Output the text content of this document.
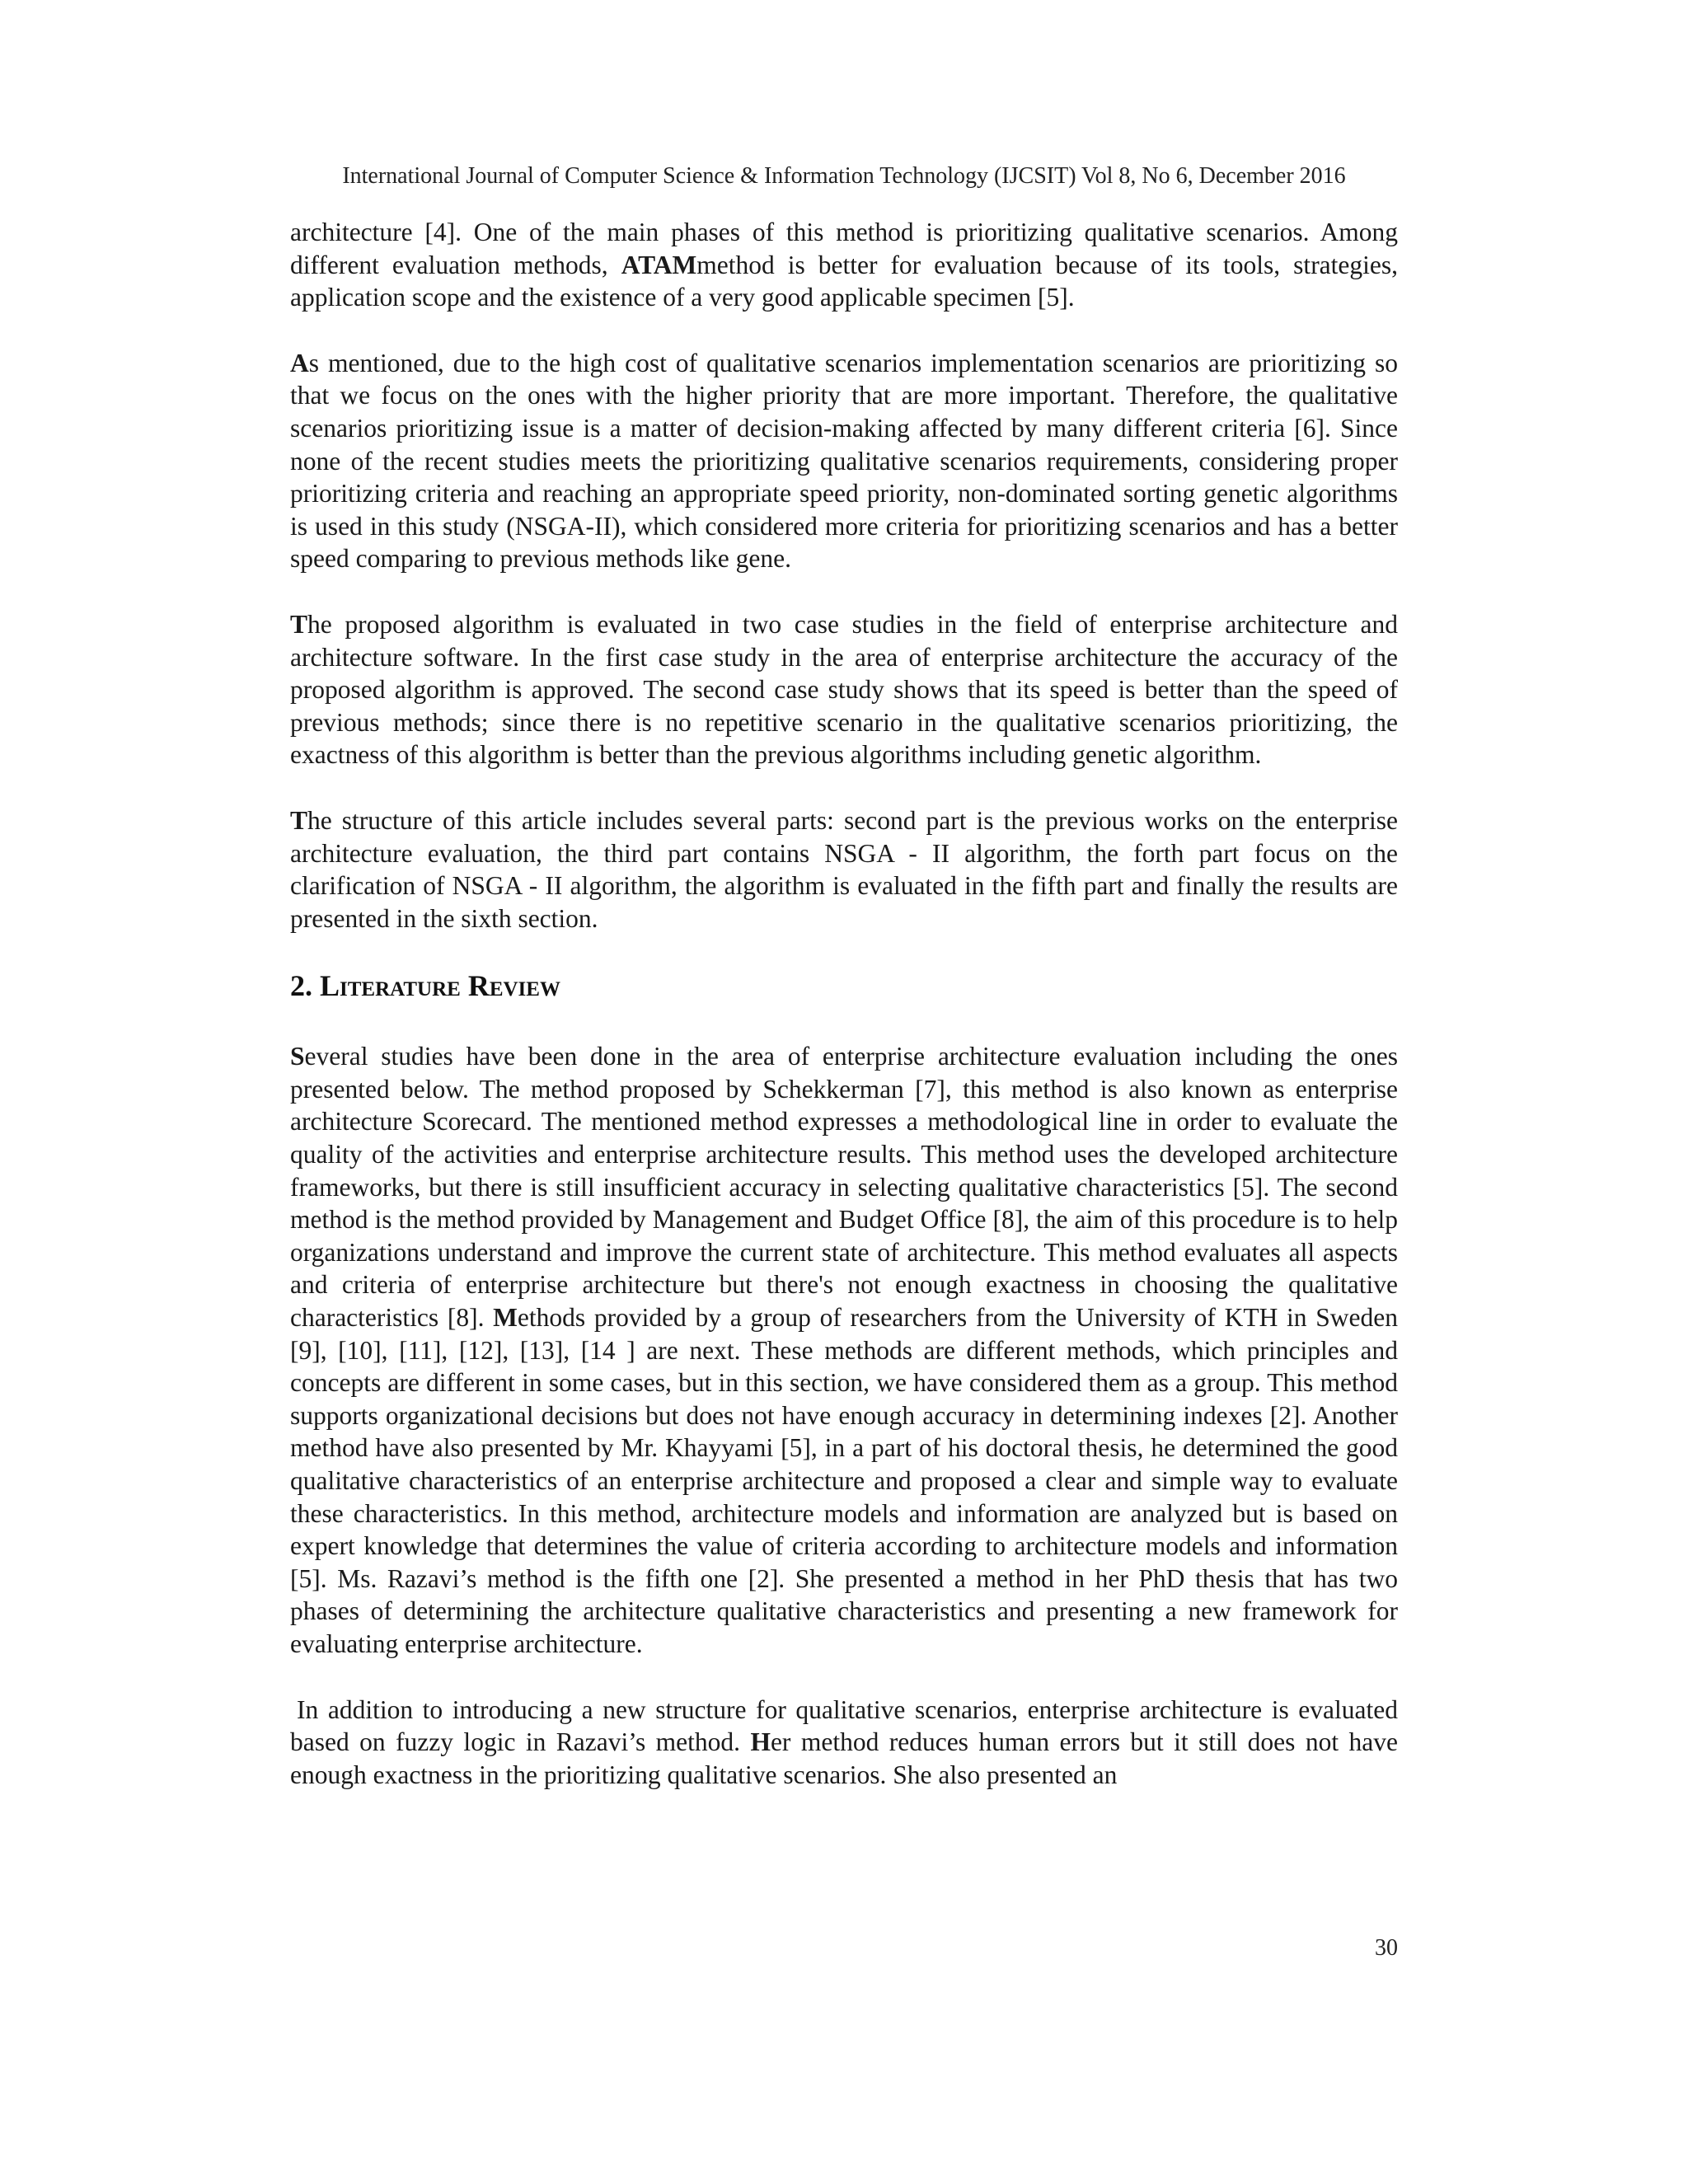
International Journal of Computer Science & Information Technology (IJCSIT) Vol 8, No 6, December 2016

architecture [4]. One of the main phases of this method is prioritizing qualitative scenarios. Among different evaluation methods, ATAMmethod is better for evaluation because of its tools, strategies, application scope and the existence of a very good applicable specimen [5].

As mentioned, due to the high cost of qualitative scenarios implementation scenarios are prioritizing so that we focus on the ones with the higher priority that are more important. Therefore, the qualitative scenarios prioritizing issue is a matter of decision-making affected by many different criteria [6]. Since none of the recent studies meets the prioritizing qualitative scenarios requirements, considering proper prioritizing criteria and reaching an appropriate speed priority, non-dominated sorting genetic algorithms is used in this study (NSGA-II), which considered more criteria for prioritizing scenarios and has a better speed comparing to previous methods like gene.

The proposed algorithm is evaluated in two case studies in the field of enterprise architecture and architecture software. In the first case study in the area of enterprise architecture the accuracy of the proposed algorithm is approved. The second case study shows that its speed is better than the speed of previous methods; since there is no repetitive scenario in the qualitative scenarios prioritizing, the exactness of this algorithm is better than the previous algorithms including genetic algorithm.

The structure of this article includes several parts: second part is the previous works on the enterprise architecture evaluation, the third part contains NSGA - II algorithm, the forth part focus on the clarification of NSGA - II algorithm, the algorithm is evaluated in the fifth part and finally the results are presented in the sixth section.

2. Literature Review

Several studies have been done in the area of enterprise architecture evaluation including the ones presented below. The method proposed by Schekkerman [7], this method is also known as enterprise architecture Scorecard. The mentioned method expresses a methodological line in order to evaluate the quality of the activities and enterprise architecture results. This method uses the developed architecture frameworks, but there is still insufficient accuracy in selecting qualitative characteristics [5]. The second method is the method provided by Management and Budget Office [8], the aim of this procedure is to help organizations understand and improve the current state of architecture. This method evaluates all aspects and criteria of enterprise architecture but there's not enough exactness in choosing the qualitative characteristics [8]. Methods provided by a group of researchers from the University of KTH in Sweden [9], [10], [11], [12], [13], [14 ] are next. These methods are different methods, which principles and concepts are different in some cases, but in this section, we have considered them as a group. This method supports organizational decisions but does not have enough accuracy in determining indexes [2]. Another method have also presented by Mr. Khayyami [5], in a part of his doctoral thesis, he determined the good qualitative characteristics of an enterprise architecture and proposed a clear and simple way to evaluate these characteristics. In this method, architecture models and information are analyzed but is based on expert knowledge that determines the value of criteria according to architecture models and information [5]. Ms. Razavi’s method is the fifth one [2]. She presented a method in her PhD thesis that has two phases of determining the architecture qualitative characteristics and presenting a new framework for evaluating enterprise architecture.

In addition to introducing a new structure for qualitative scenarios, enterprise architecture is evaluated based on fuzzy logic in Razavi’s method. Her method reduces human errors but it still does not have enough exactness in the prioritizing qualitative scenarios. She also presented an

30
